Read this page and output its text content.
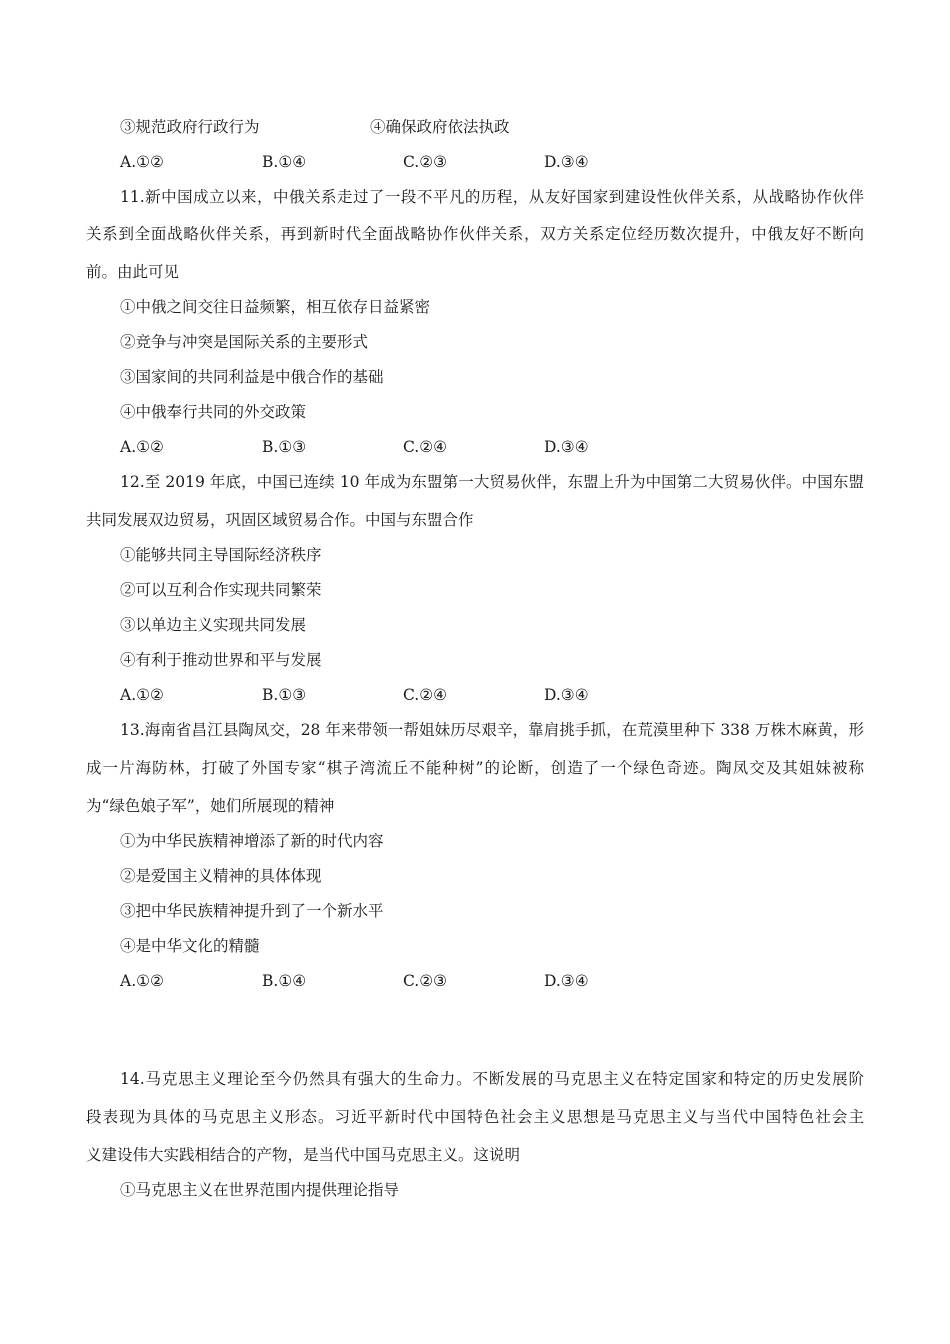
③规范政府行政行为	④确保政府依法执政
A.①②	B.①④	C.②③	D.③④
11.新中国成立以来，中俄关系走过了一段不平凡的历程，从友好国家到建设性伙伴关系，从战略协作伙伴
关系到全面战略伙伴关系，再到新时代全面战略协作伙伴关系，双方关系定位经历数次提升，中俄友好不断向
前。由此可见
①中俄之间交往日益频繁，相互依存日益紧密
②竞争与冲突是国际关系的主要形式
③国家间的共同利益是中俄合作的基础
④中俄奉行共同的外交政策
A.①②	B.①③	C.②④	D.③④
12.至 2019 年底，中国已连续 10 年成为东盟第一大贸易伙伴，东盟上升为中国第二大贸易伙伴。中国东盟
共同发展双边贸易，巩固区域贸易合作。中国与东盟合作
①能够共同主导国际经济秩序
②可以互利合作实现共同繁荣
③以单边主义实现共同发展
④有利于推动世界和平与发展
A.①②	B.①③	C.②④	D.③④
13.海南省昌江县陶凤交，28 年来带领一帮姐妹历尽艰辛，靠肩挑手抓，在荒漠里种下 338 万株木麻黄，形
成一片海防林，打破了外国专家“棋子湾流丘不能种树”的论断，创造了一个绿色奇迹。陶凤交及其姐妹被称
为“绿色娘子军”，她们所展现的精神
①为中华民族精神增添了新的时代内容
②是爱国主义精神的具体体现
③把中华民族精神提升到了一个新水平
④是中华文化的精髓
A.①②	B.①④	C.②③	D.③④
14.马克思主义理论至今仍然具有强大的生命力。不断发展的马克思主义在特定国家和特定的历史发展阶
段表现为具体的马克思主义形态。习近平新时代中国特色社会主义思想是马克思主义与当代中国特色社会主
义建设伟大实践相结合的产物，是当代中国马克思主义。这说明
①马克思主义在世界范围内提供理论指导
